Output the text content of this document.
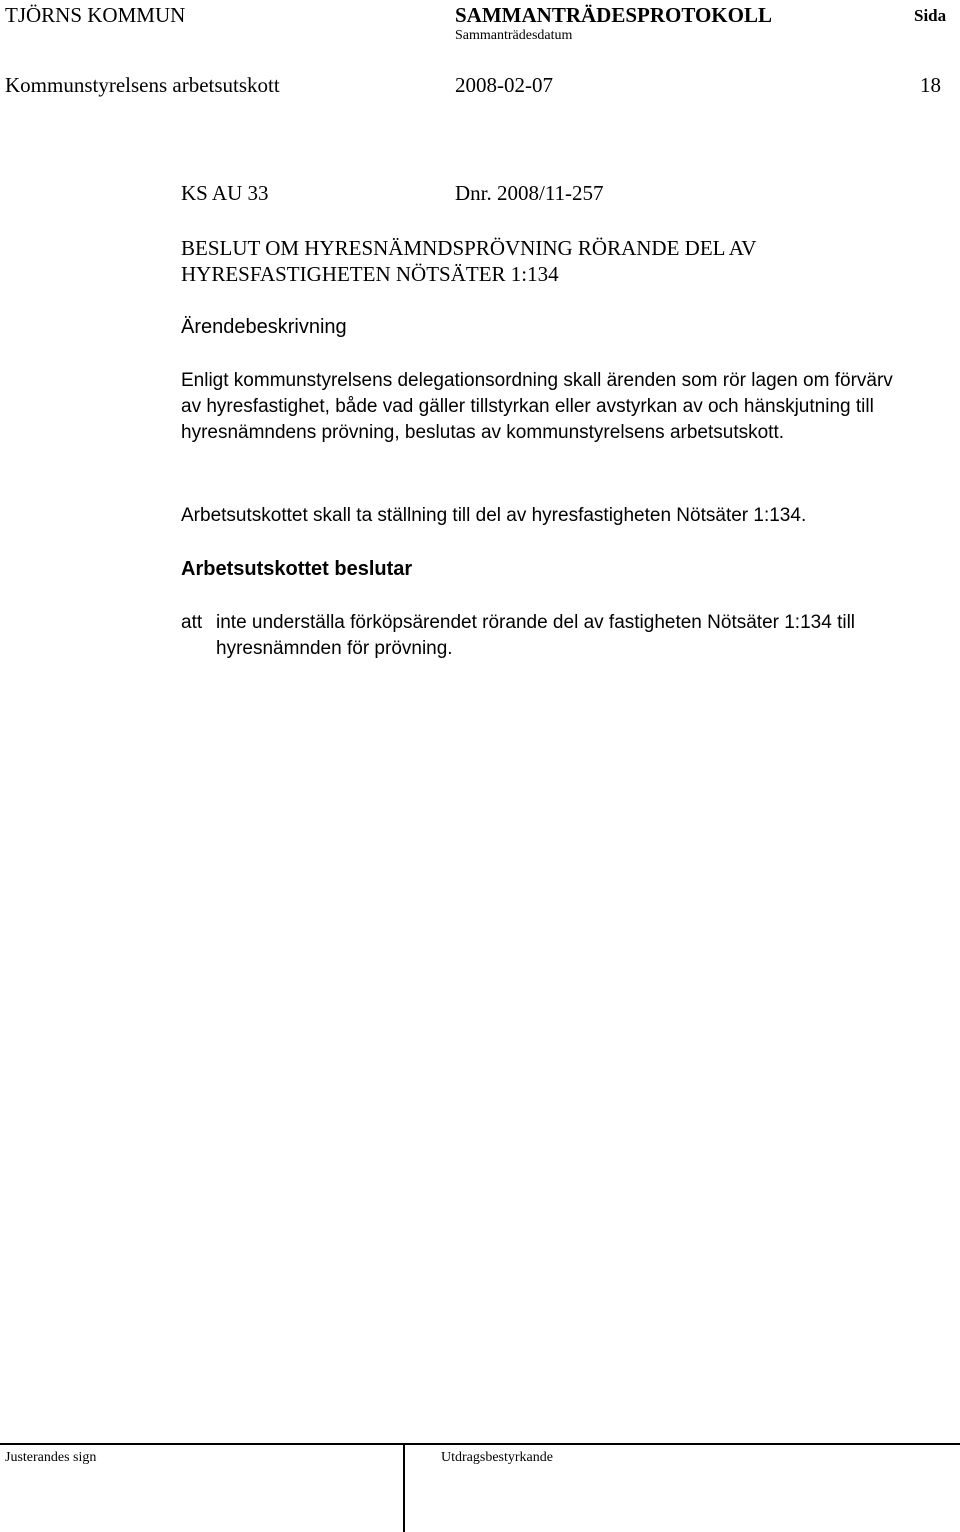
TJÖRNS KOMMUN	SAMMANTRÄDESPROTOKOLL	Sida
Sammanträdesdatum
Kommunstyrelsens arbetsutskott	2008-02-07	18
KS AU 33	Dnr. 2008/11-257
BESLUT OM HYRESNÄMNDSPRÖVNING RÖRANDE DEL AV
HYRESFASTIGHETEN NÖTSÄTER 1:134
Ärendebeskrivning
Enligt kommunstyrelsens delegationsordning skall ärenden som rör lagen om förvärv av hyresfastighet, både vad gäller tillstyrkan eller avstyrkan av och hänskjutning till hyresnämndens prövning, beslutas av kommunstyrelsens arbetsutskott.
Arbetsutskottet skall ta ställning till del av hyresfastigheten Nötsäter 1:134.
Arbetsutskottet beslutar
att inte underställa förköpsärendet rörande del av fastigheten Nötsäter 1:134 till hyresnämnden för prövning.
Justerandes sign	Utdragsbestyrkande
